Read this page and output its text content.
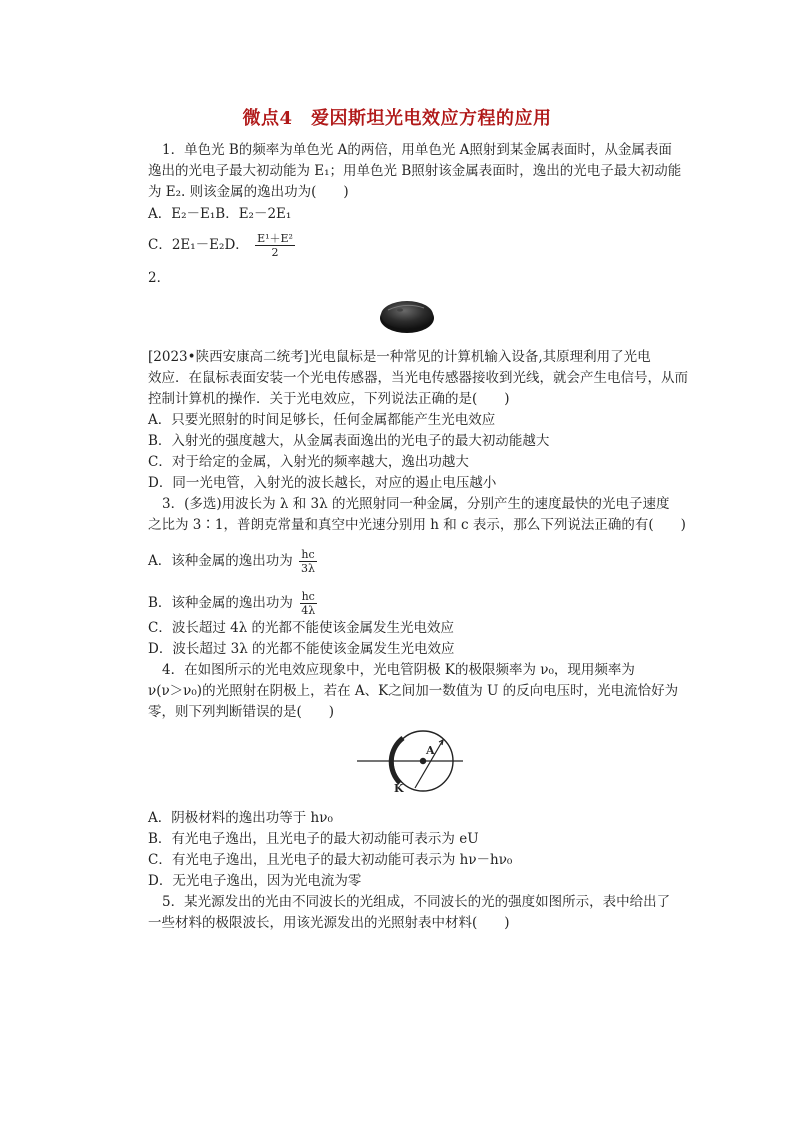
微点4　爱因斯坦光电效应方程的应用
1．单色光 B的频率为单色光 A的两倍，用单色光 A照射到某金属表面时，从金属表面
逸出的光电子最大初动能为 E₁；用单色光 B照射该金属表面时，逸出的光电子最大初动能
为 E₂. 则该金属的逸出功为(　　)
A．E₂－E₁B．E₂－2E₁
C．2E₁－E₂D． $\frac{\text{E¹＋E²}}{2}$
2．
[2023•陕西安康高二统考]光电鼠标是一种常见的计算机输入设备,其原理利用了光电
效应．在鼠标表面安装一个光电传感器，当光电传感器接收到光线，就会产生电信号，从而
控制计算机的操作．关于光电效应，下列说法正确的是(　　)
A．只要光照射的时间足够长，任何金属都能产生光电效应
B．入射光的强度越大，从金属表面逸出的光电子的最大初动能越大
C．对于给定的金属，入射光的频率越大，逸出功越大
D．同一光电管，入射光的波长越长，对应的遏止电压越小
3．(多选)用波长为 λ 和 3λ 的光照射同一种金属，分别产生的速度最快的光电子速度
之比为 3∶1，普朗克常量和真空中光速分别用 h 和 c 表示，那么下列说法正确的有(　　)
A．该种金属的逸出功为 $\frac{hc}{3\lambda}$
B．该种金属的逸出功为 $\frac{hc}{4\lambda}$
C．波长超过 4λ 的光都不能使该金属发生光电效应
D．波长超过 3λ 的光都不能使该金属发生光电效应
4．在如图所示的光电效应现象中，光电管阴极 K的极限频率为 ν₀，现用频率为
ν(ν＞ν₀)的光照射在阴极上，若在 A、K之间加一数值为 U 的反向电压时，光电流恰好为
零，则下列判断错误的是(　　)
A
K
A．阴极材料的逸出功等于 hν₀
B．有光电子逸出，且光电子的最大初动能可表示为 eU
C．有光电子逸出，且光电子的最大初动能可表示为 hν－hν₀
D．无光电子逸出，因为光电流为零
5．某光源发出的光由不同波长的光组成，不同波长的光的强度如图所示，表中给出了
一些材料的极限波长，用该光源发出的光照射表中材料(　　)
